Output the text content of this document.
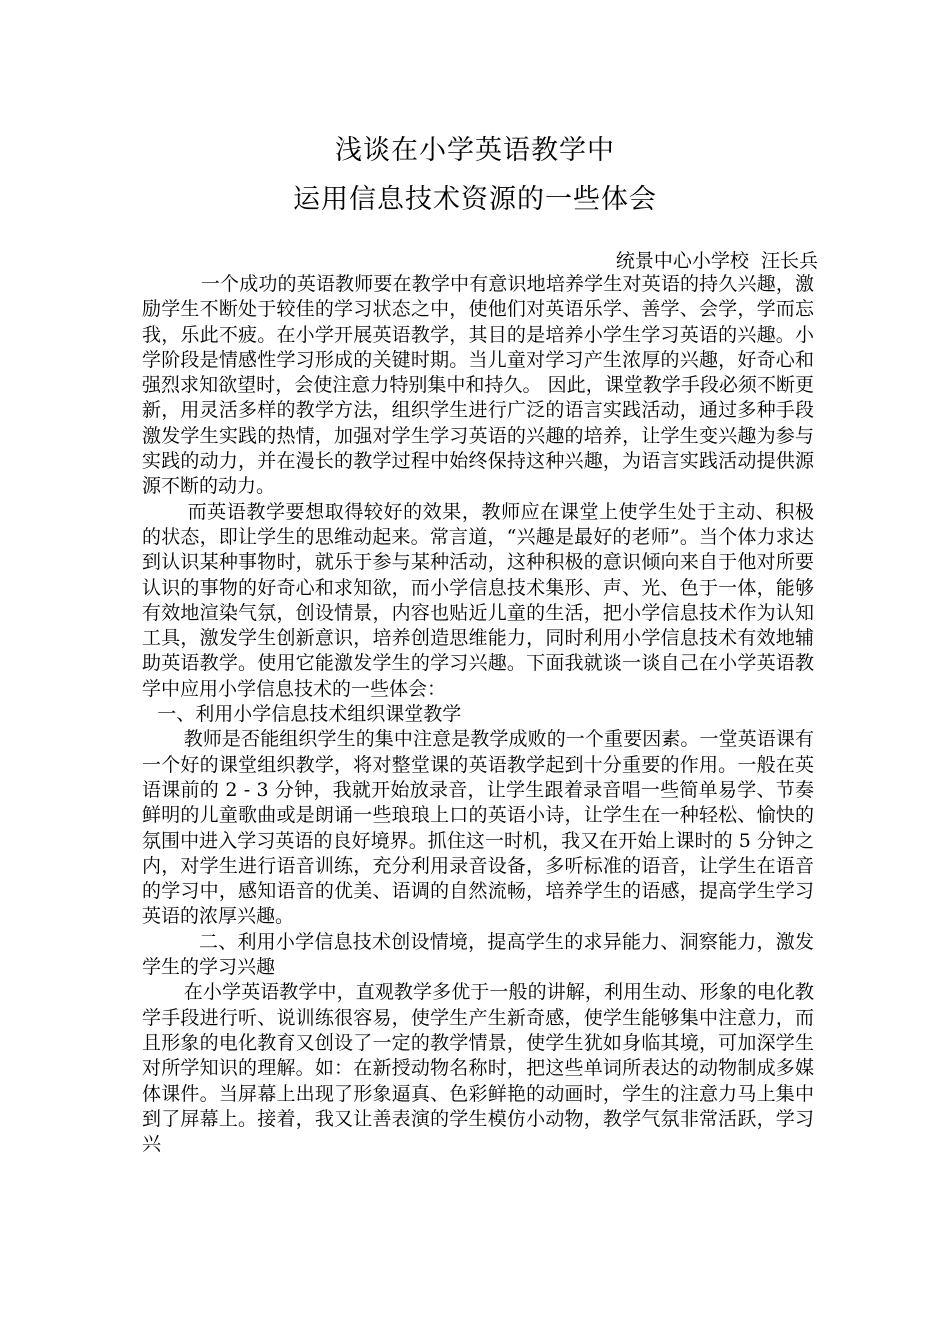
浅谈在小学英语教学中
运用信息技术资源的一些体会
统景中心小学校  汪长兵

一个成功的英语教师要在教学中有意识地培养学生对英语的持久兴趣，激励学生不断处于较佳的学习状态之中，使他们对英语乐学、善学、会学，学而忘我，乐此不疲。在小学开展英语教学，其目的是培养小学生学习英语的兴趣。小学阶段是情感性学习形成的关键时期。当儿童对学习产生浓厚的兴趣，好奇心和强烈求知欲望时，会使注意力特别集中和持久。 因此，课堂教学手段必须不断更新，用灵活多样的教学方法，组织学生进行广泛的语言实践活动，通过多种手段激发学生实践的热情，加强对学生学习英语的兴趣的培养，让学生变兴趣为参与实践的动力，并在漫长的教学过程中始终保持这种兴趣，为语言实践活动提供源源不断的动力。

而英语教学要想取得较好的效果，教师应在课堂上使学生处于主动、积极的状态，即让学生的思维动起来。常言道，“兴趣是最好的老师”。当个体力求达到认识某种事物时，就乐于参与某种活动，这种积极的意识倾向来自于他对所要认识的事物的好奇心和求知欲，而小学信息技术集形、声、光、色于一体，能够有效地渲染气氛，创设情景，内容也贴近儿童的生活，把小学信息技术作为认知工具，激发学生创新意识，培养创造思维能力，同时利用小学信息技术有效地辅助英语教学。使用它能激发学生的学习兴趣。下面我就谈一谈自己在小学英语教学中应用小学信息技术的一些体会：

一、利用小学信息技术组织课堂教学

教师是否能组织学生的集中注意是教学成败的一个重要因素。一堂英语课有一个好的课堂组织教学，将对整堂课的英语教学起到十分重要的作用。一般在英语课前的 2 - 3 分钟，我就开始放录音，让学生跟着录音唱一些简单易学、节奏鲜明的儿童歌曲或是朗诵一些琅琅上口的英语小诗，让学生在一种轻松、愉快的氛围中进入学习英语的良好境界。抓住这一时机，我又在开始上课时的 5 分钟之内，对学生进行语音训练，充分利用录音设备，多听标准的语音，让学生在语音的学习中，感知语音的优美、语调的自然流畅，培养学生的语感，提高学生学习英语的浓厚兴趣。

二、利用小学信息技术创设情境，提高学生的求异能力、洞察能力，激发学生的学习兴趣

在小学英语教学中，直观教学多优于一般的讲解，利用生动、形象的电化教学手段进行听、说训练很容易，使学生产生新奇感，使学生能够集中注意力，而且形象的电化教育又创设了一定的教学情景，使学生犹如身临其境，可加深学生对所学知识的理解。如：在新授动物名称时，把这些单词所表达的动物制成多媒体课件。当屏幕上出现了形象逼真、色彩鲜艳的动画时，学生的注意力马上集中到了屏幕上。接着，我又让善表演的学生模仿小动物，教学气氛非常活跃，学习兴
